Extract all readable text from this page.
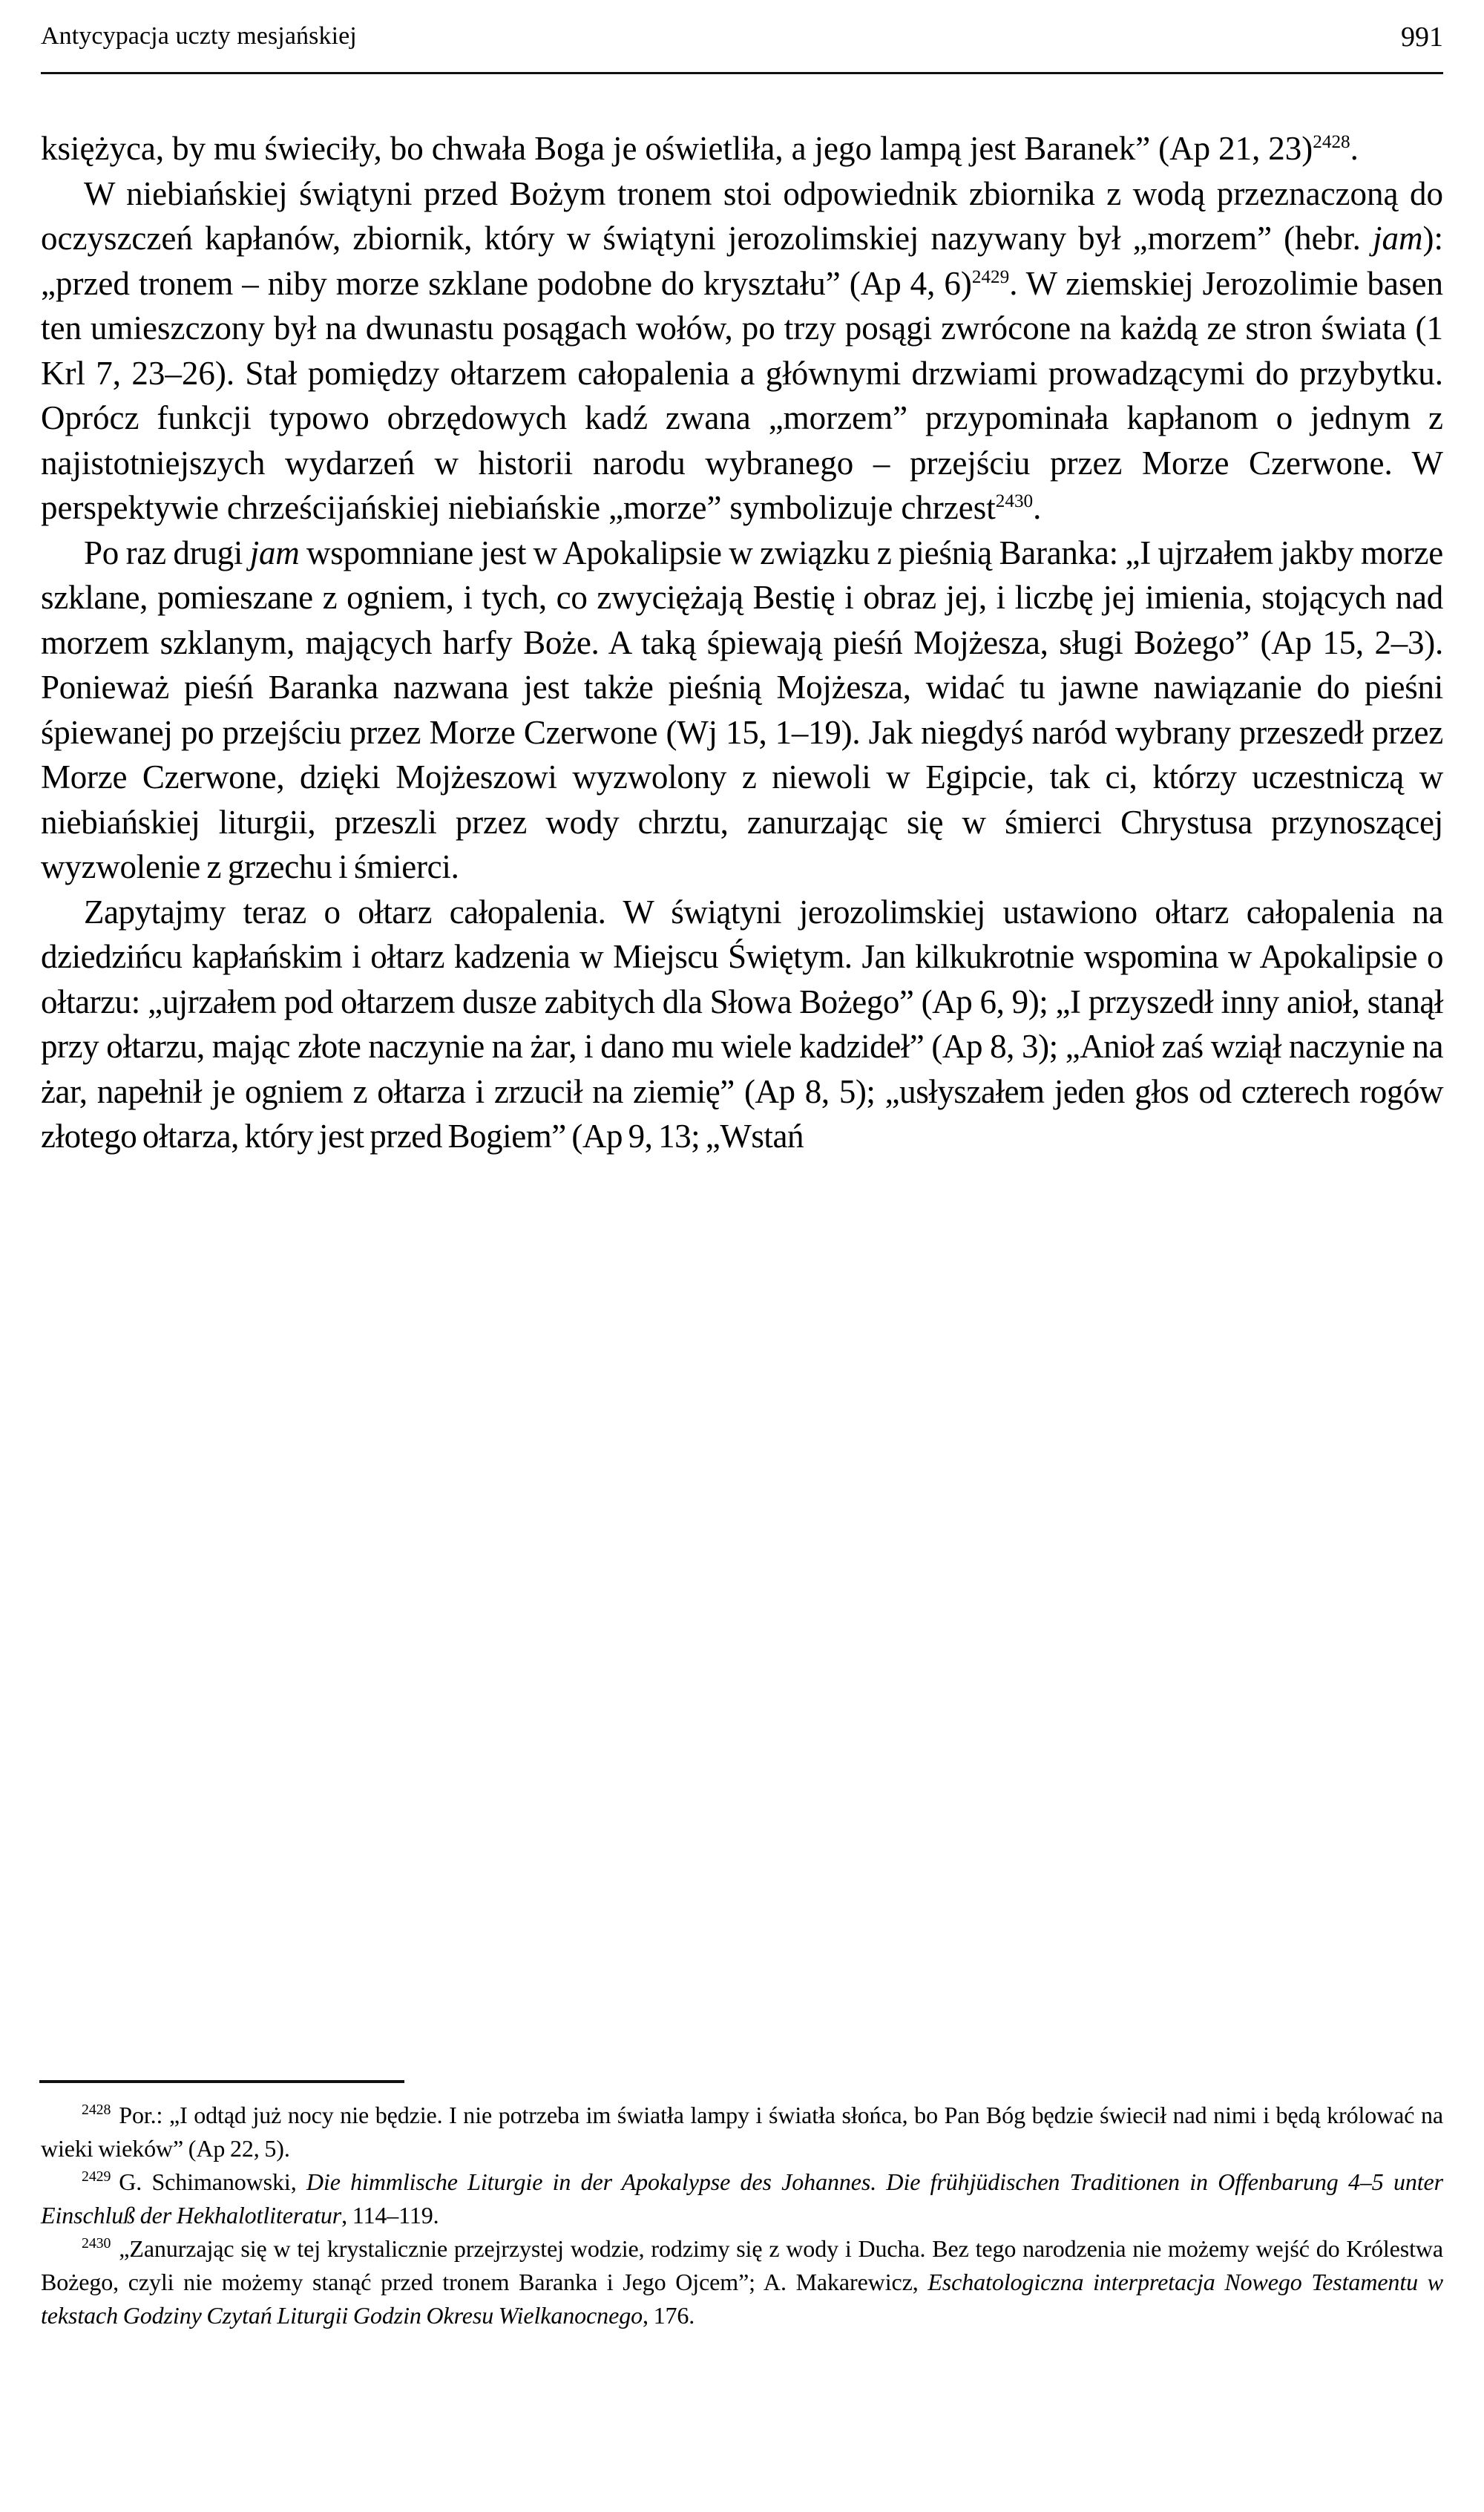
Antycypacja uczty mesjańskiej	991

księżyca, by mu świeciły, bo chwała Boga je oświetliła, a jego lampą jest Baranek” (Ap 21, 23)$^{2428}$.

W niebiańskiej świątyni przed Bożym tronem stoi odpowiednik zbiornika z wodą przeznaczoną do oczyszczeń kapłanów, zbiornik, który w świątyni jerozolimskiej nazywany był „morzem” (hebr. jam): „przed tronem – niby morze szklane podobne do kryształu” (Ap 4, 6)$^{2429}$. W ziemskiej Jerozolimie basen ten umieszczony był na dwunastu posągach wołów, po trzy posągi zwrócone na każdą ze stron świata (1 Krl 7, 23–26). Stał pomiędzy ołtarzem całopalenia a głównymi drzwiami prowadzącymi do przybytku. Oprócz funkcji typowo obrzędowych kadź zwana „morzem” przypominała kapłanom o jednym z najistotniejszych wydarzeń w historii narodu wybranego – przejściu przez Morze Czerwone. W perspektywie chrześcijańskiej niebiańskie „morze” symbolizuje chrzest$^{2430}$.

Po raz drugi jam wspomniane jest w Apokalipsie w związku z pieśnią Baranka: „I ujrzałem jakby morze szklane, pomieszane z ogniem, i tych, co zwyciężają Bestię i obraz jej, i liczbę jej imienia, stojących nad morzem szklanym, mających harfy Boże. A taką śpiewają pieśń Mojżesza, sługi Bożego” (Ap 15, 2–3). Ponieważ pieśń Baranka nazwana jest także pieśnią Mojżesza, widać tu jawne nawiązanie do pieśni śpiewanej po przejściu przez Morze Czerwone (Wj 15, 1–19). Jak niegdyś naród wybrany przeszedł przez Morze Czerwone, dzięki Mojżeszowi wyzwolony z niewoli w Egipcie, tak ci, którzy uczestniczą w niebiańskiej liturgii, przeszli przez wody chrztu, zanurzając się w śmierci Chrystusa przynoszącej wyzwolenie z grzechu i śmierci.

Zapytajmy teraz o ołtarz całopalenia. W świątyni jerozolimskiej ustawiono ołtarz całopalenia na dziedzińcu kapłańskim i ołtarz kadzenia w Miejscu Świętym. Jan kilkukrotnie wspomina w Apokalipsie o ołtarzu: „ujrzałem pod ołtarzem dusze zabitych dla Słowa Bożego” (Ap 6, 9); „I przyszedł inny anioł, stanął przy ołtarzu, mając złote naczynie na żar, i dano mu wiele kadzideł” (Ap 8, 3); „Anioł zaś wziął naczynie na żar, napełnił je ogniem z ołtarza i zrzucił na ziemię” (Ap 8, 5); „usłyszałem jeden głos od czterech rogów złotego ołtarza, który jest przed Bogiem” (Ap 9, 13; „Wstań

$^{2428}$ Por.: „I odtąd już nocy nie będzie. I nie potrzeba im światła lampy i światła słońca, bo Pan Bóg będzie świecił nad nimi i będą królować na wieki wieków” (Ap 22, 5).

$^{2429}$ G. Schimanowski, Die himmlische Liturgie in der Apokalypse des Johannes. Die frühjüdischen Traditionen in Offenbarung 4–5 unter Einschluß der Hekhalotliteratur, 114–119.

$^{2430}$ „Zanurzając się w tej krystalicznie przejrzystej wodzie, rodzimy się z wody i Ducha. Bez tego narodzenia nie możemy wejść do Królestwa Bożego, czyli nie możemy stanąć przed tronem Baranka i Jego Ojcem”; A. Makarewicz, Eschatologiczna interpretacja Nowego Testamentu w tekstach Godziny Czytań Liturgii Godzin Okresu Wielkanocnego, 176.
